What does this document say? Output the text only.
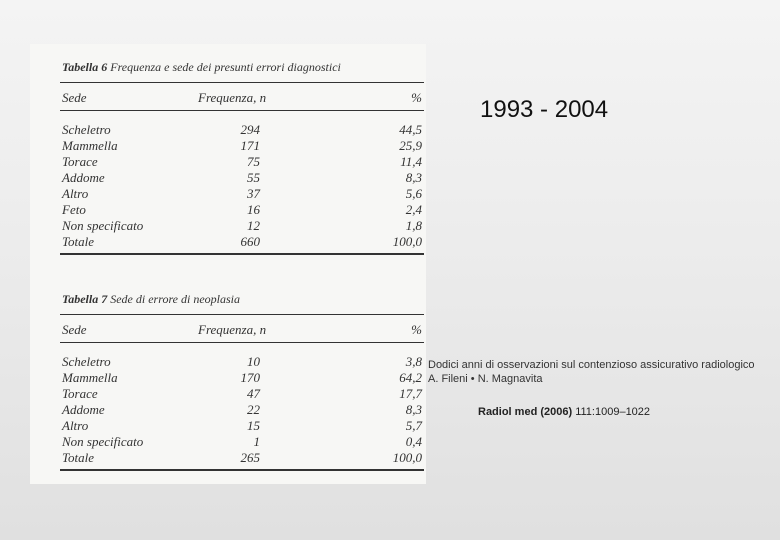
Tabella 6 Frequenza e sede dei presunti errori diagnostici
Sede	Frequenza, n	%
Scheletro	294	44,5
Mammella	171	25,9
Torace	75	11,4
Addome	55	8,3
Altro	37	5,6
Feto	16	2,4
Non specificato	12	1,8
Totale	660	100,0
Tabella 7 Sede di errore di neoplasia
Sede	Frequenza, n	%
Scheletro	10	3,8
Mammella	170	64,2
Torace	47	17,7
Addome	22	8,3
Altro	15	5,7
Non specificato	1	0,4
Totale	265	100,0
1993 - 2004
Dodici anni di osservazioni sul contenzioso assicurativo radiologico A. Fileni • N. Magnavita
Radiol med (2006) 111:1009–1022
